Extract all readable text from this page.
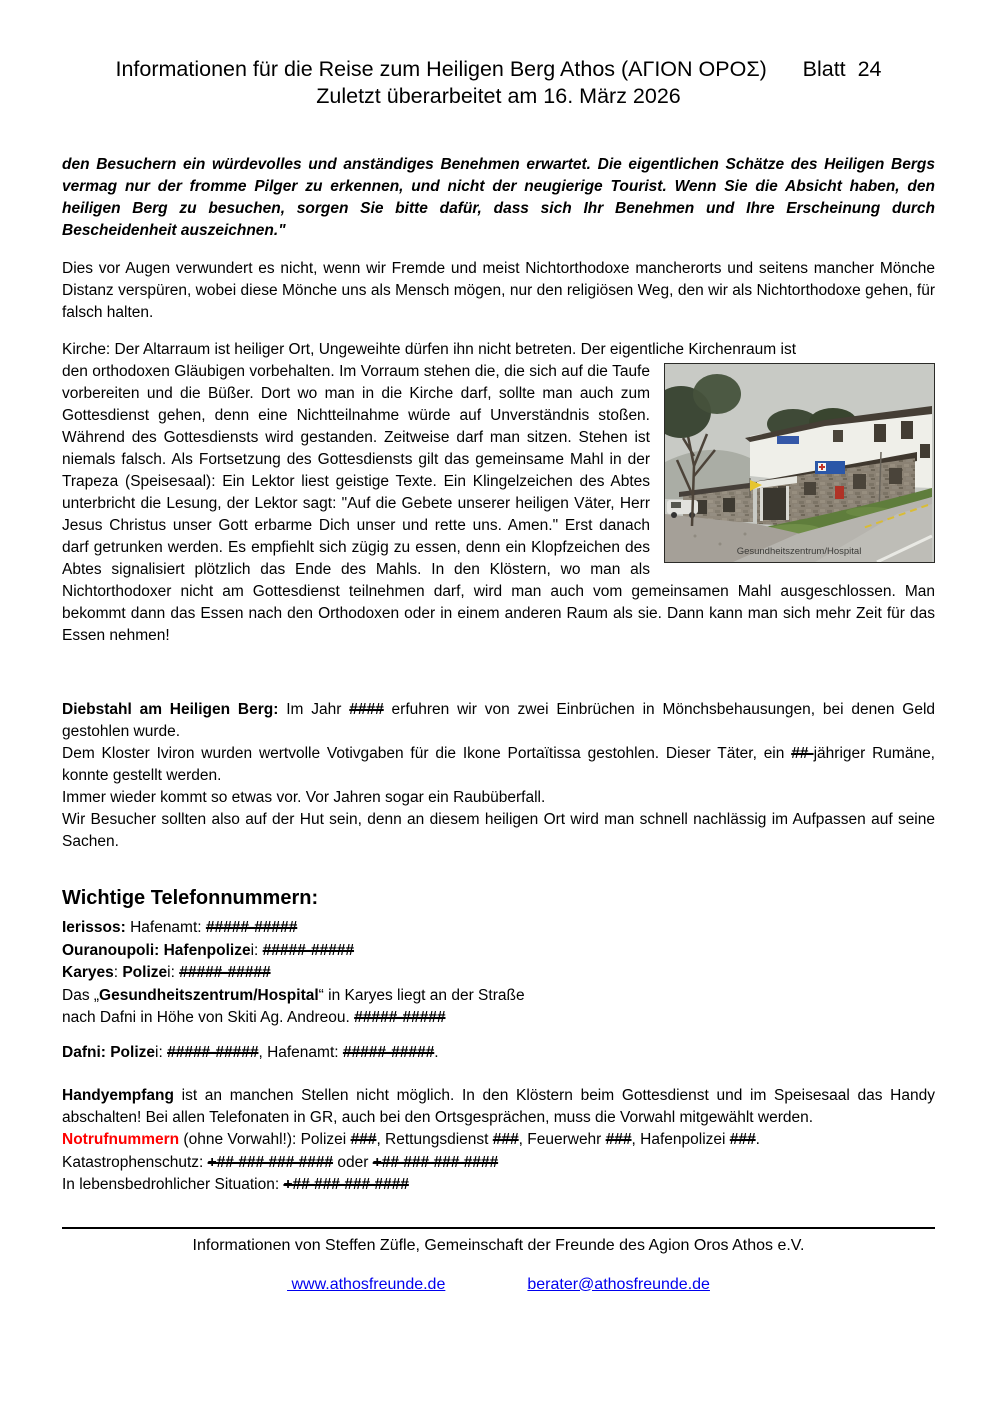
Informationen für die Reise zum Heiligen Berg Athos (ΑΓΙΟΝ ΟΡΟΣ) Blatt  24
Zuletzt überarbeitet am 16. März 2026

den Besuchern ein würdevolles und anständiges Benehmen erwartet. Die eigentlichen Schätze des Heiligen Bergs vermag nur der fromme Pilger zu erkennen, und nicht der neugierige Tourist. Wenn Sie die Absicht haben, den heiligen Berg zu besuchen, sorgen Sie bitte dafür, dass sich Ihr Benehmen und Ihre Erscheinung durch Bescheidenheit auszeichnen."

Dies vor Augen verwundert es nicht, wenn wir Fremde und meist Nichtorthodoxe mancherorts und seitens mancher Mönche Distanz verspüren, wobei diese Mönche uns als Mensch mögen, nur den religiösen Weg, den wir als Nichtorthodoxe gehen, für falsch halten.

Kirche: Der Altarraum ist heiliger Ort, Ungeweihte dürfen ihn nicht betreten. Der eigentliche Kirchenraum ist

Gesundheitszentrum/Hospital
den orthodoxen Gläubigen vorbehalten. Im Vorraum stehen die, die sich auf die Taufe vorbereiten und die Büßer. Dort wo man in die Kirche darf, sollte man auch zum Gottesdienst gehen, denn eine Nichtteilnahme würde auf Unverständnis stoßen. Während des Gottesdiensts wird gestanden. Zeitweise darf man sitzen. Stehen ist niemals falsch. Als Fortsetzung des Gottesdiensts gilt das gemeinsame Mahl in der Trapeza (Speisesaal): Ein Lektor liest geistige Texte. Ein Klingelzeichen des Abtes unterbricht die Lesung, der Lektor sagt: "Auf die Gebete unserer heiligen Väter, Herr Jesus Christus unser Gott erbarme Dich unser und rette uns. Amen." Erst danach darf getrunken werden. Es empfiehlt sich zügig zu essen, denn ein Klopfzeichen des Abtes signalisiert plötzlich das Ende des Mahls. In den Klöstern, wo man als Nichtorthodoxer nicht am Gottesdienst teilnehmen darf, wird man auch vom gemeinsamen Mahl ausgeschlossen. Man bekommt dann das Essen nach den Orthodoxen oder in einem anderen Raum als sie. Dann kann man sich mehr Zeit für das Essen nehmen!

Diebstahl am Heiligen Berg: Im Jahr #### erfuhren wir von zwei Einbrüchen in Mönchsbehausungen, bei denen Geld gestohlen wurde.

Dem Kloster Iviron wurden wertvolle Votivgaben für die Ikone Portaïtissa gestohlen. Dieser Täter, ein ##-jähriger Rumäne, konnte gestellt werden.

Immer wieder kommt so etwas vor. Vor Jahren sogar ein Raubüberfall.

Wir Besucher sollten also auf der Hut sein, denn an diesem heiligen Ort wird man schnell nachlässig im Aufpassen auf seine Sachen.

Wichtige Telefonnummern:

Ierissos: Hafenamt: #####-#####

Ouranoupoli: Hafenpolizei: #####-#####

Karyes: Polizei: #####-#####

Das „Gesundheitszentrum/Hospital“ in Karyes liegt an der Straße

nach Dafni in Höhe von Skiti Ag. Andreou. #####-#####

Dafni: Polizei: #####-#####, Hafenamt: #####-#####.

Handyempfang ist an manchen Stellen nicht möglich. In den Klöstern beim Gottesdienst und im Speisesaal das Handy abschalten! Bei allen Telefonaten in GR, auch bei den Ortsgesprächen, muss die Vorwahl mitgewählt werden.

Notrufnummern (ohne Vorwahl!): Polizei ###, Rettungsdienst ###, Feuerwehr ###, Hafenpolizei ###.

Katastrophenschutz: +## ### ### #### oder +## ### ### ####

In lebensbedrohlicher Situation: +## ### ### ####

Informationen von Steffen Züfle, Gemeinschaft der Freunde des Agion Oros Athos e.V.
www.athosfreunde.de	berater@athosfreunde.de
